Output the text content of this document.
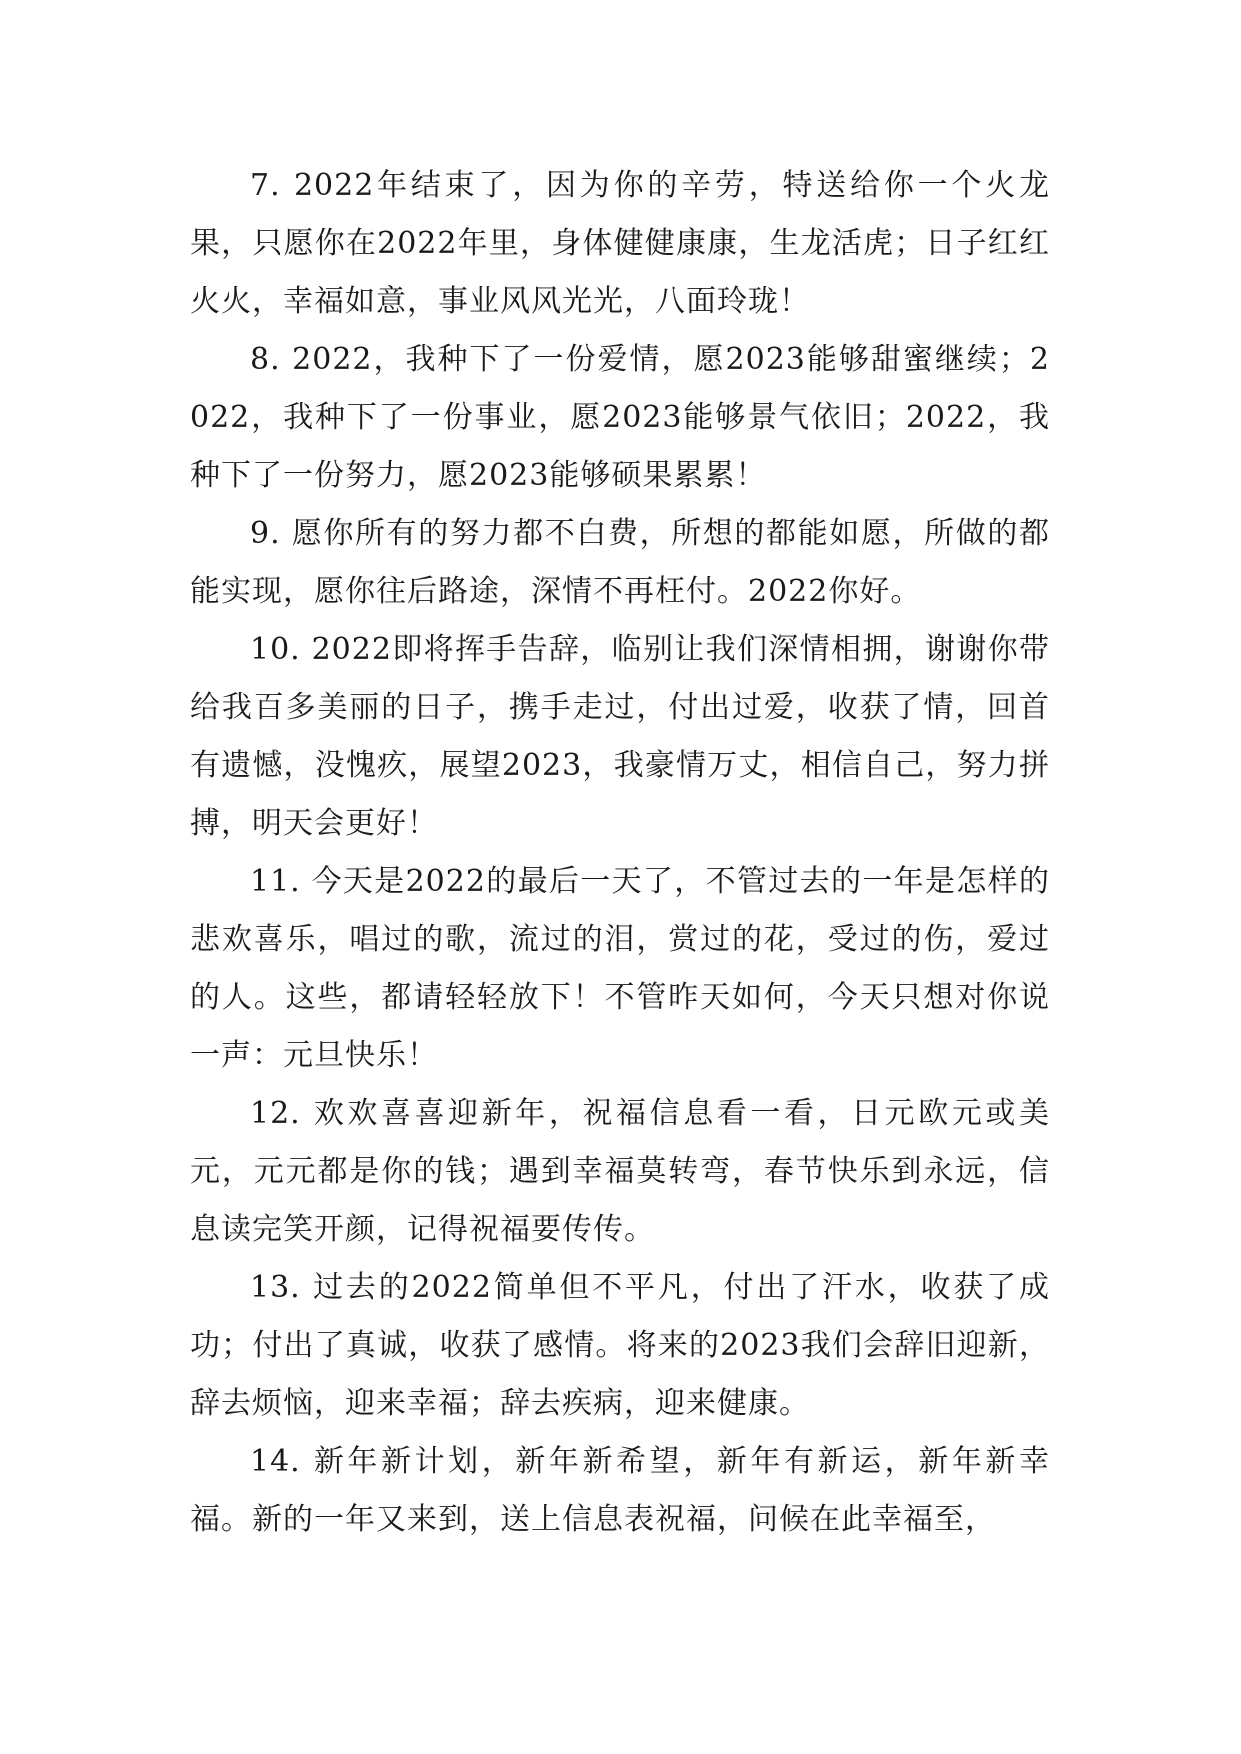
7. 2022年结束了，因为你的辛劳，特送给你一个火龙果，只愿你在2022年里，身体健健康康，生龙活虎；日子红红火火，幸福如意，事业风风光光，八面玲珑！

8. 2022，我种下了一份爱情，愿2023能够甜蜜继续；2022，我种下了一份事业，愿2023能够景气依旧；2022，我种下了一份努力，愿2023能够硕果累累！

9. 愿你所有的努力都不白费，所想的都能如愿，所做的都能实现，愿你往后路途，深情不再枉付。2022你好。

10. 2022即将挥手告辞，临别让我们深情相拥，谢谢你带给我百多美丽的日子，携手走过，付出过爱，收获了情，回首有遗憾，没愧疚，展望2023，我豪情万丈，相信自己，努力拼搏，明天会更好！

11. 今天是2022的最后一天了，不管过去的一年是怎样的悲欢喜乐，唱过的歌，流过的泪，赏过的花，受过的伤，爱过的人。这些，都请轻轻放下！不管昨天如何，今天只想对你说一声：元旦快乐！

12. 欢欢喜喜迎新年，祝福信息看一看，日元欧元或美元，元元都是你的钱；遇到幸福莫转弯，春节快乐到永远，信息读完笑开颜，记得祝福要传传。

13. 过去的2022简单但不平凡，付出了汗水，收获了成功；付出了真诚，收获了感情。将来的2023我们会辞旧迎新，辞去烦恼，迎来幸福；辞去疾病，迎来健康。

14. 新年新计划，新年新希望，新年有新运，新年新幸福。新的一年又来到，送上信息表祝福，问候在此幸福至，
